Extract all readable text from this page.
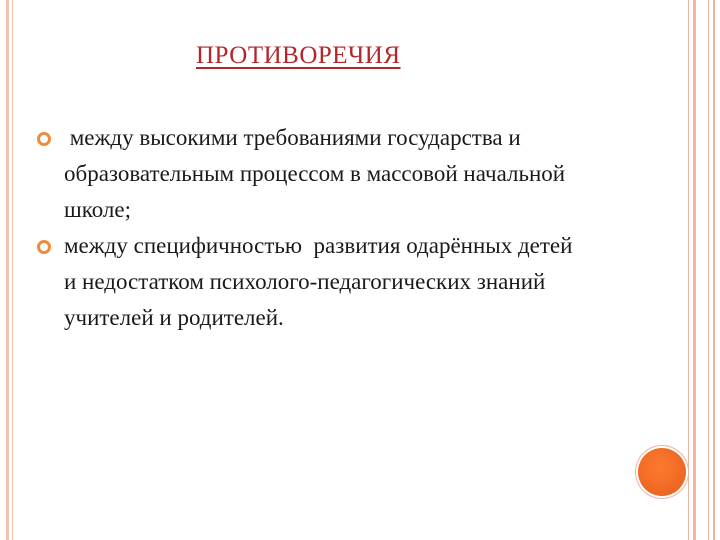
ПРОТИВОРЕЧИЯ
между высокими требованиями государства и
образовательным процессом в массовой начальной
школе;
между специфичностью  развития одарённых детей
и недостатком психолого-педагогических знаний
учителей и родителей.
